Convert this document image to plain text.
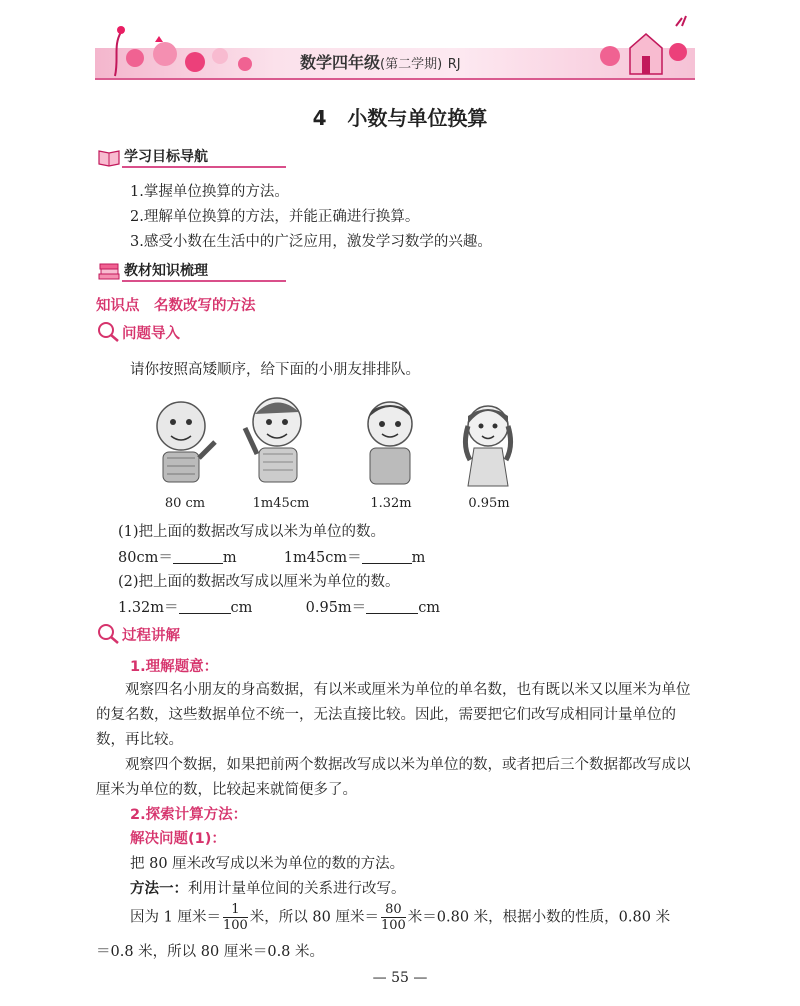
数学四年级(第二学期) RJ
4 小数与单位换算
学习目标导航
1.掌握单位换算的方法。
2.理解单位换算的方法，并能正确进行换算。
3.感受小数在生活中的广泛应用，激发学习数学的兴趣。
教材知识梳理
知识点　名数改写的方法
问题导入
请你按照高矮顺序，给下面的小朋友排排队。
80 cm	1m45cm	1.32m	0.95m
(1)把上面的数据改写成以米为单位的数。
80cm＝	m	1m45cm＝	m
(2)把上面的数据改写成以厘米为单位的数。
1.32m＝	cm	0.95m＝	cm
过程讲解
1.理解题意：
观察四名小朋友的身高数据，有以米或厘米为单位的单名数，也有既以米又以厘米为单位的复名数，这些数据单位不统一，无法直接比较。因此，需要把它们改写成相同计量单位的数，再比较。
观察四个数据，如果把前两个数据改写成以米为单位的数，或者把后三个数据都改写成以厘米为单位的数，比较起来就简便多了。
2.探索计算方法：
解决问题(1)：
把 80 厘米改写成以米为单位的数的方法。
方法一：利用计量单位间的关系进行改写。
因为 1 厘米＝ $\frac{1}{100}$ 米，所以 80 厘米＝ $\frac{80}{100}$ 米＝0.80 米，根据小数的性质，0.80 米
＝0.8 米，所以 80 厘米＝0.8 米。
— 55 —
